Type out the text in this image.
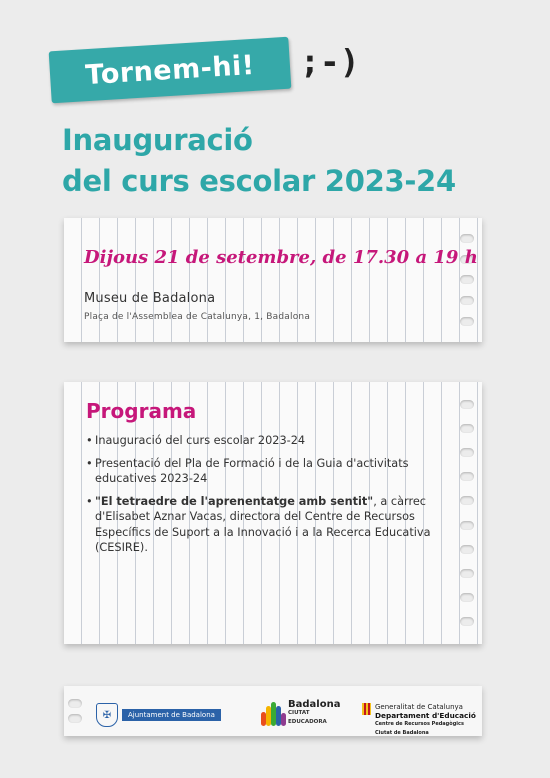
Tornem-hi! ;-)
Inauguració
del curs escolar 2023-24
Dijous 21 de setembre, de 17.30 a 19 h
Museu de Badalona
Plaça de l'Assemblea de Catalunya, 1, Badalona
Programa
• Inauguració del curs escolar 2023-24
• Presentació del Pla de Formació i de la Guia d'activitats educatives 2023-24
• "El tetraedre de l'aprenentatge amb sentit", a càrrec d'Elisabet Aznar Vacas, directora del Centre de Recursos Específics de Suport a la Innovació i a la Recerca Educativa (CESIRE).
✠	Ajuntament de Badalona
Badalona
CIUTAT
EDUCADORA
Generalitat de Catalunya
Departament d'Educació
Centre de Recursos Pedagògics
Ciutat de Badalona
